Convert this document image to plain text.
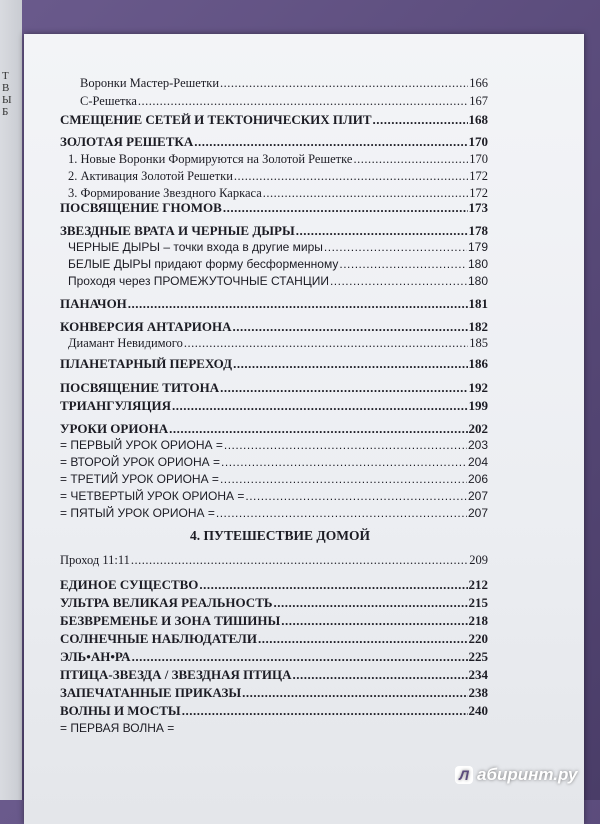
Т
В
Ы
Б
Воронки Мастер-Решетки .....	166
С-Решетка .....	167
СМЕЩЕНИЕ СЕТЕЙ И ТЕКТОНИЧЕСКИХ ПЛИТ .....	168
ЗОЛОТАЯ РЕШЕТКА .....	170
1. Новые Воронки Формируются на Золотой Решетке .....	170
2. Активация Золотой Решетки .....	172
3. Формирование Звездного Каркаса .....	172
ПОСВЯЩЕНИЕ ГНОМОВ .....	173
ЗВЕЗДНЫЕ ВРАТА И ЧЕРНЫЕ ДЫРЫ .....	178
ЧЕРНЫЕ ДЫРЫ – точки входа в другие миры .....	179
БЕЛЫЕ ДЫРЫ придают форму бесформенному .....	180
Проходя через ПРОМЕЖУТОЧНЫЕ СТАНЦИИ .....	180
ПАНАЧОН .....	181
КОНВЕРСИЯ АНТАРИОНА .....	182
Диамант Невидимого .....	185
ПЛАНЕТАРНЫЙ ПЕРЕХОД .....	186
ПОСВЯЩЕНИЕ ТИТОНА .....	192
ТРИАНГУЛЯЦИЯ .....	199
УРОКИ ОРИОНА .....	202
= ПЕРВЫЙ УРОК ОРИОНА = .....	203
= ВТОРОЙ УРОК ОРИОНА = .....	204
= ТРЕТИЙ УРОК ОРИОНА = .....	206
= ЧЕТВЕРТЫЙ УРОК ОРИОНА = .....	207
= ПЯТЫЙ УРОК ОРИОНА = .....	207
4. ПУТЕШЕСТВИЕ ДОМОЙ
Проход 11:11 .....	209
ЕДИНОЕ СУЩЕСТВО .....	212
УЛЬТРА ВЕЛИКАЯ РЕАЛЬНОСТЬ .....	215
БЕЗВРЕМЕНЬЕ И ЗОНА ТИШИНЫ .....	218
СОЛНЕЧНЫЕ НАБЛЮДАТЕЛИ .....	220
ЭЛЬ•АН•РА .....	225
ПТИЦА-ЗВЕЗДА / ЗВЕЗДНАЯ ПТИЦА .....	234
ЗАПЕЧАТАННЫЕ ПРИКАЗЫ .....	238
ВОЛНЫ И МОСТЫ .....	240
= ПЕРВАЯ ВОЛНА =
Л абиринт.ру
